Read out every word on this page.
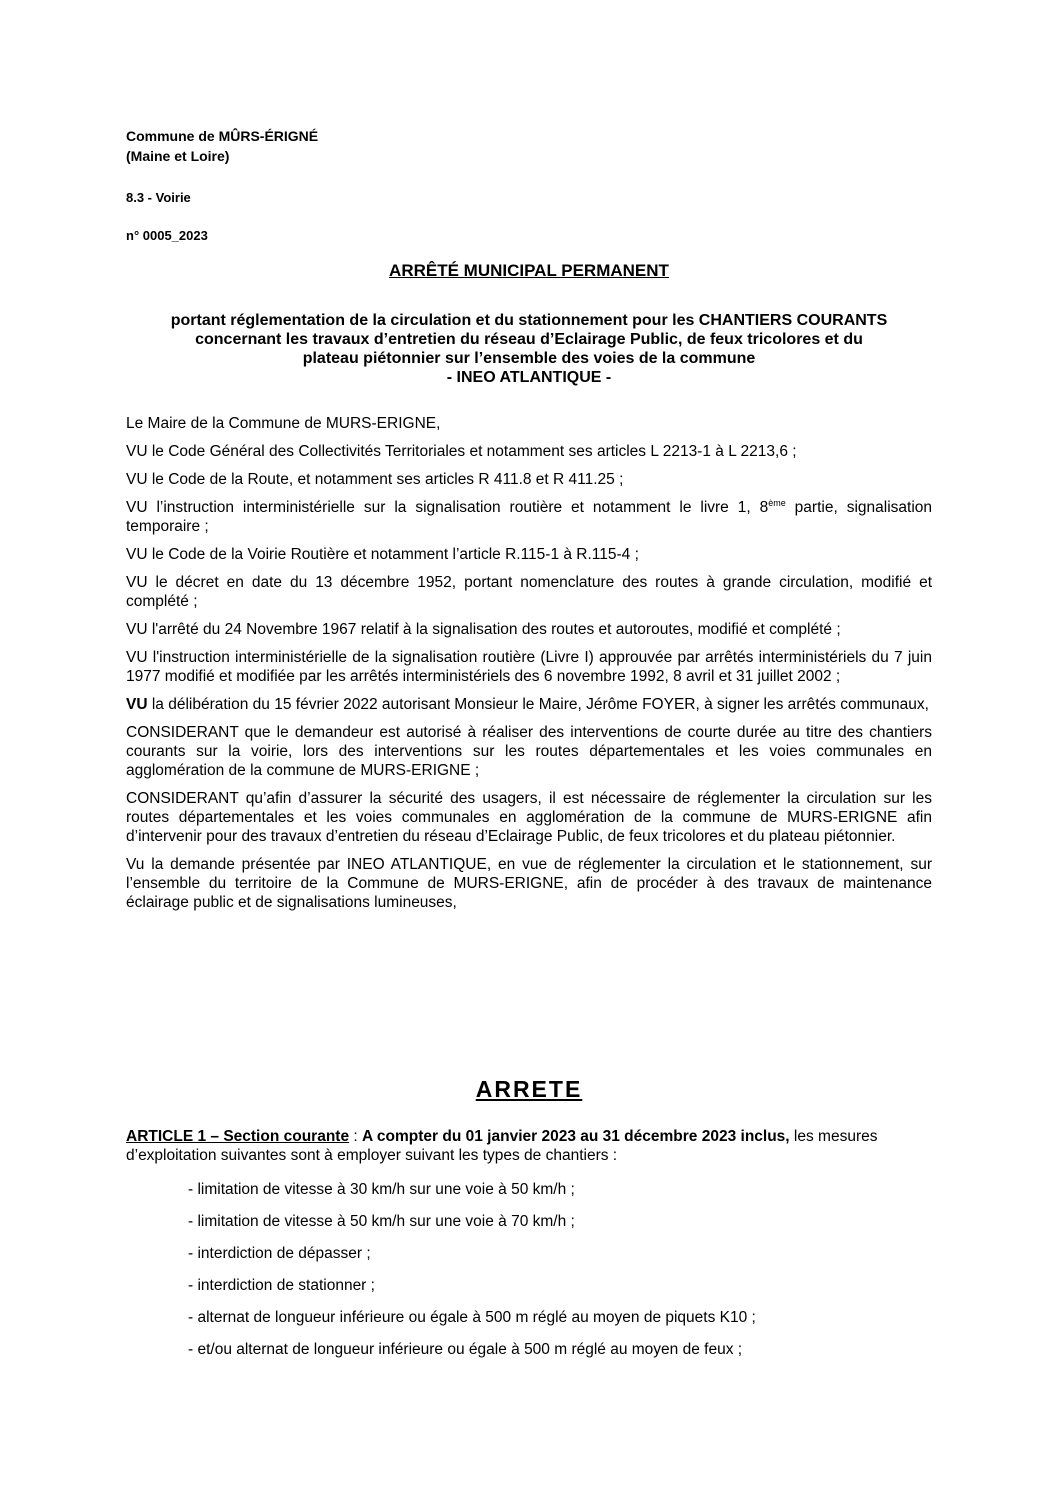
Commune de MÛRS-ÉRIGNÉ
(Maine et Loire)
8.3 - Voirie
n° 0005_2023
ARRÊTÉ MUNICIPAL PERMANENT
portant réglementation de la circulation et du stationnement pour les CHANTIERS COURANTS
concernant les travaux d’entretien du réseau d’Eclairage Public, de feux tricolores et du
plateau piétonnier sur l’ensemble des voies de la commune
- INEO ATLANTIQUE -

Le Maire de la Commune de MURS-ERIGNE,

VU le Code Général des Collectivités Territoriales et notamment ses articles L 2213-1 à L 2213,6 ;

VU le Code de la Route, et notamment ses articles R 411.8 et R 411.25 ;

VU l’instruction interministérielle sur la signalisation routière et notamment le livre 1, 8ème partie, signalisation temporaire ;

VU le Code de la Voirie Routière et notamment l’article R.115-1 à R.115-4 ;

VU le décret en date du 13 décembre 1952, portant nomenclature des routes à grande circulation, modifié et complété ;

VU l'arrêté du 24 Novembre 1967 relatif à la signalisation des routes et autoroutes, modifié et complété ;

VU l'instruction interministérielle de la signalisation routière (Livre I) approuvée par arrêtés interministériels du 7 juin 1977 modifié et modifiée par les arrêtés interministériels des 6 novembre 1992, 8 avril et 31 juillet 2002 ;

VU la délibération du 15 février 2022 autorisant Monsieur le Maire, Jérôme FOYER, à signer les arrêtés communaux,

CONSIDERANT que le demandeur est autorisé à réaliser des interventions de courte durée au titre des chantiers courants sur la voirie, lors des interventions sur les routes départementales et les voies communales en agglomération de la commune de MURS-ERIGNE ;

CONSIDERANT qu’afin d’assurer la sécurité des usagers, il est nécessaire de réglementer la circulation sur les routes départementales et les voies communales en agglomération de la commune de MURS-ERIGNE afin d’intervenir pour des travaux d’entretien du réseau d’Eclairage Public, de feux tricolores et du plateau piétonnier.

Vu la demande présentée par INEO ATLANTIQUE, en vue de réglementer la circulation et le stationnement, sur l’ensemble du territoire de la Commune de MURS-ERIGNE, afin de procéder à des travaux de maintenance éclairage public et de signalisations lumineuses,

ARRETE
ARTICLE 1 – Section courante : A compter du 01 janvier 2023 au 31 décembre 2023 inclus, les mesures d’exploitation suivantes sont à employer suivant les types de chantiers :
- limitation de vitesse à 30 km/h sur une voie à 50 km/h ;
- limitation de vitesse à 50 km/h sur une voie à 70 km/h ;
- interdiction de dépasser ;
- interdiction de stationner ;
- alternat de longueur inférieure ou égale à 500 m réglé au moyen de piquets K10 ;
- et/ou alternat de longueur inférieure ou égale à 500 m réglé au moyen de feux ;
